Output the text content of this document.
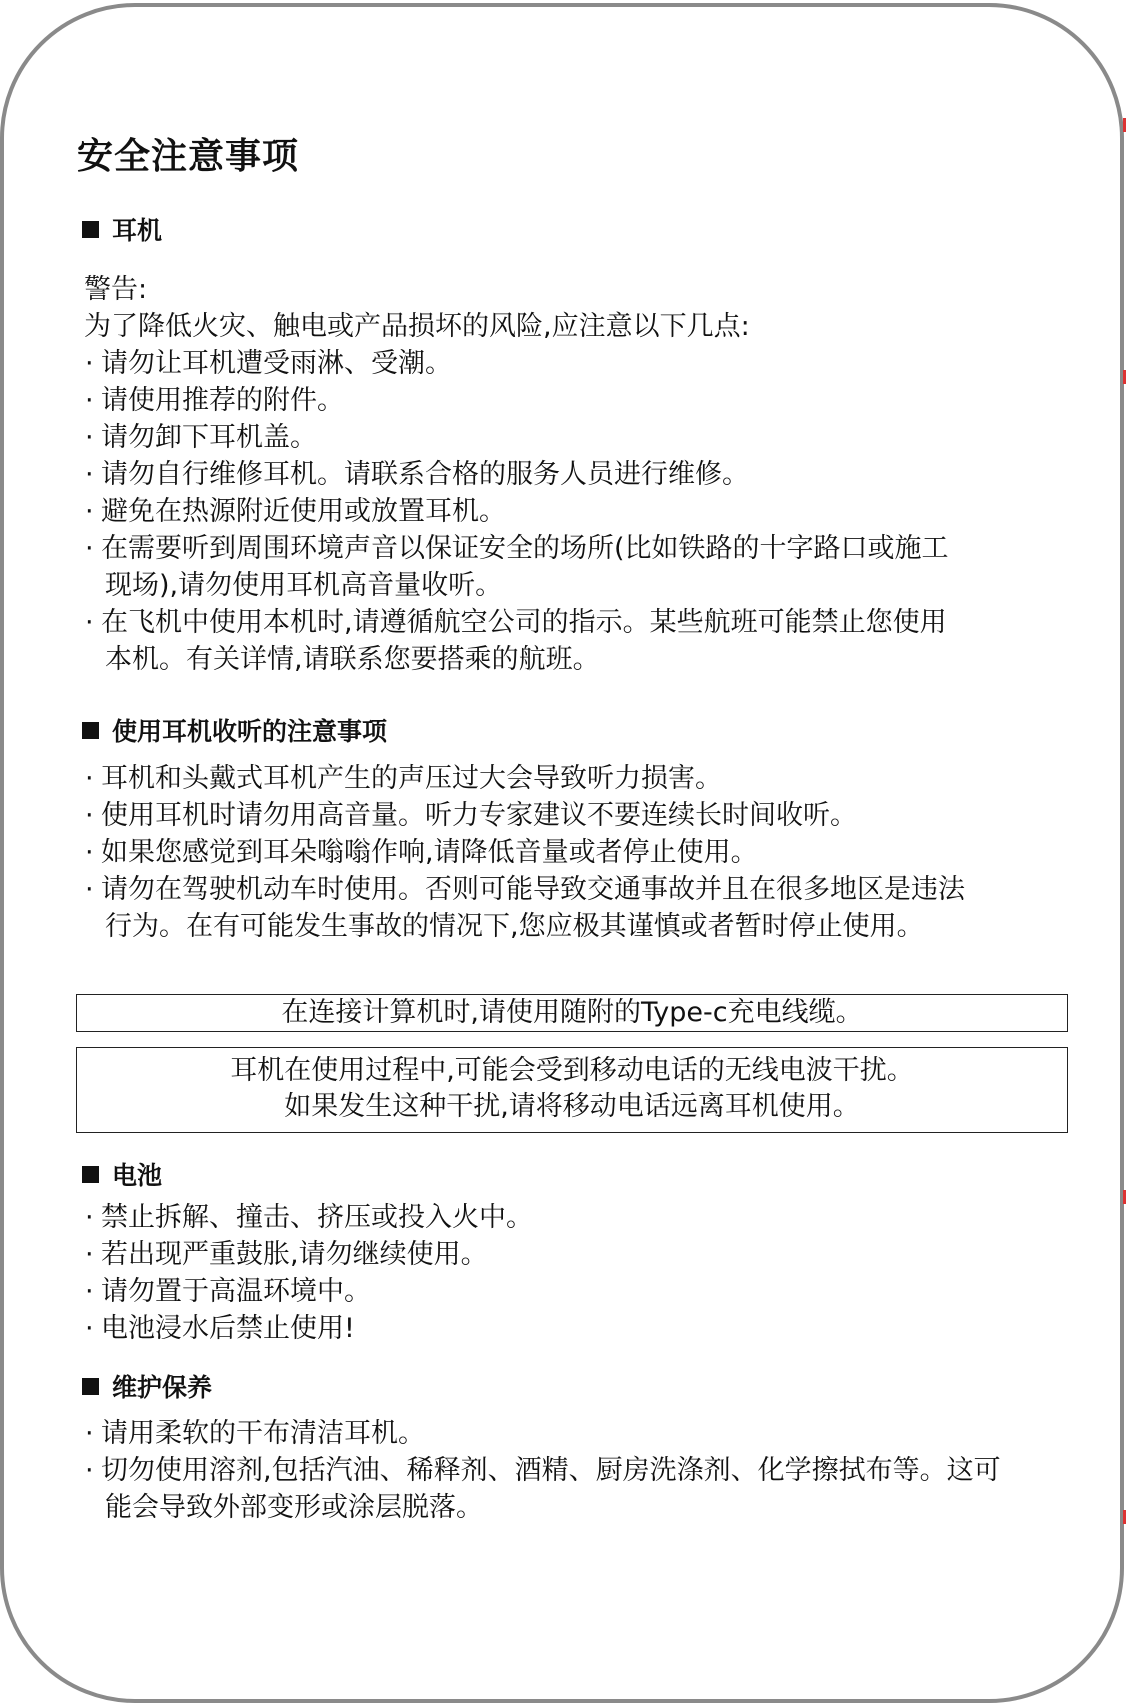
安全注意事项
耳机
警告:
为了降低火灾、触电或产品损坏的风险,应注意以下几点:
· 请勿让耳机遭受雨淋、受潮。
· 请使用推荐的附件。
· 请勿卸下耳机盖。
· 请勿自行维修耳机。请联系合格的服务人员进行维修。
· 避免在热源附近使用或放置耳机。
· 在需要听到周围环境声音以保证安全的场所(比如铁路的十字路口或施工
现场),请勿使用耳机高音量收听。
· 在飞机中使用本机时,请遵循航空公司的指示。某些航班可能禁止您使用
本机。有关详情,请联系您要搭乘的航班。
使用耳机收听的注意事项
· 耳机和头戴式耳机产生的声压过大会导致听力损害。
· 使用耳机时请勿用高音量。听力专家建议不要连续长时间收听。
· 如果您感觉到耳朵嗡嗡作响,请降低音量或者停止使用。
· 请勿在驾驶机动车时使用。否则可能导致交通事故并且在很多地区是违法
行为。在有可能发生事故的情况下,您应极其谨慎或者暂时停止使用。
在连接计算机时,请使用随附的Type-c充电线缆。
耳机在使用过程中,可能会受到移动电话的无线电波干扰。
如果发生这种干扰,请将移动电话远离耳机使用。
电池
· 禁止拆解、撞击、挤压或投入火中。
· 若出现严重鼓胀,请勿继续使用。
· 请勿置于高温环境中。
· 电池浸水后禁止使用!
维护保养
· 请用柔软的干布清洁耳机。
· 切勿使用溶剂,包括汽油、稀释剂、酒精、厨房洗涤剂、化学擦拭布等。这可
能会导致外部变形或涂层脱落。
